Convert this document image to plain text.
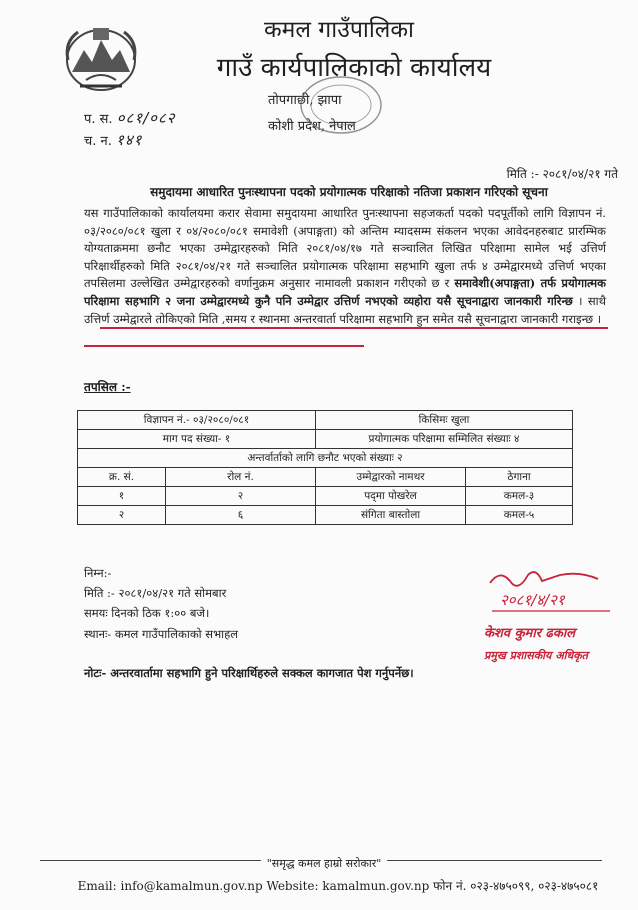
कमल गाउँपालिका
गाउँ कार्यपालिकाको कार्यालय
तोपगाछी, झापा
कोशी प्रदेश, नेपाल
प. स. ०८१/०८२
च. न. १४१
मिति :- २०८१/०४/२१ गते
समुदायमा आधारित पुनःस्थापना पदको प्रयोगात्मक परिक्षाको नतिजा प्रकाशन गरिएको सूचना
यस गाउँपालिकाको कार्यालयमा करार सेवामा समुदायमा आधारित पुनःस्थापना सहजकर्ता पदको पदपूर्तीको लागि विज्ञापन नं. ०३/२०८०/०८१ खुला र ०४/२०८०/०८१ समावेशी (अपाङ्गता) को अन्तिम म्यादसम्म संकलन भएका आवेदनहरुबाट प्रारम्भिक योग्यताक्रममा छनौट भएका उम्मेद्वारहरुको मिति २०८१/०४/१७ गते सञ्चालित लिखित परिक्षामा सामेल भई उत्तिर्ण परिक्षार्थीहरुको मिति २०८१/०४/२१ गते सञ्चालित प्रयोगात्मक परिक्षामा सहभागि खुला तर्फ ४ उम्मेद्वारमध्ये उत्तिर्ण भएका तपसिलमा उल्लेखित उम्मेद्वारहरुको वर्णानुक्रम अनुसार नामावली प्रकाशन गरीएको छ र समावेशी(अपाङ्गता) तर्फ प्रयोगात्मक परिक्षामा सहभागि २ जना उम्मेद्वारमध्ये कुनै पनि उम्मेद्वार उत्तिर्ण नभएको व्यहोरा यसै सूचनाद्वारा जानकारी गरिन्छ । साथै उत्तिर्ण उम्मेद्वारले तोकिएको मिति ,समय र स्थानमा अन्तरवार्ता परिक्षामा सहभागि हुन समेत यसै सूचनाद्वारा जानकारी गराइन्छ ।
तपसिल :-
विज्ञापन नं.- ०३/२०८०/०८१		किसिमः खुला	
माग पद संख्या- १		प्रयोगात्मक परिक्षामा सम्मिलित संख्याः ४	
अन्तर्वार्ताको लागि छनौट भएको संख्याः २			
क्र. सं.	रोल नं.	उम्मेद्वारको नामथर	ठेगाना
१	२	पद्‌मा पोखरेल	कमल-३
२	६	संगिता बास्तोला	कमल-५
निम्न:-
मिति :- २०८१/०४/२१ गते सोमबार
समयः दिनको ठिक १:०० बजे।
स्थानः- कमल गाउँपालिकाको सभाहल
नोटः- अन्तरवार्तामा सहभागि हुने परिक्षार्थिहरुले सक्कल कागजात पेश गर्नुपर्नेछ।
२०८१/४/२१
केशव कुमार ढकाल
प्रमुख प्रशासकीय अधिकृत
"समृद्ध कमल हाम्रो सरोकार"
Email: info@kamalmun.gov.np Website: kamalmun.gov.np फोन नं. ०२३-४७५०९९, ०२३-४७५०८१
